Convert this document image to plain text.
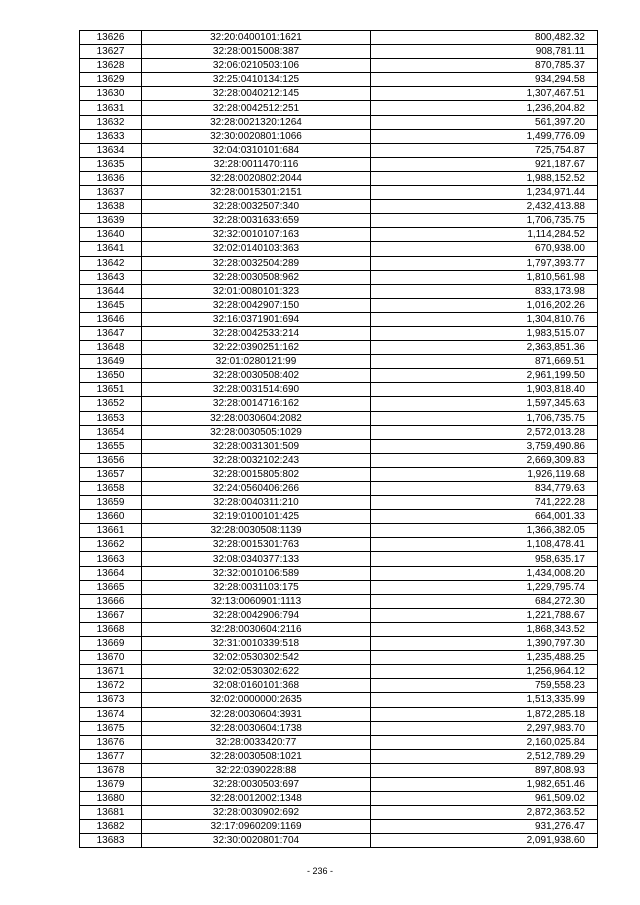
13626	32:20:0400101:1621	800,482.32
13627	32:28:0015008:387	908,781.11
13628	32:06:0210503:106	870,785.37
13629	32:25:0410134:125	934,294.58
13630	32:28:0040212:145	1,307,467.51
13631	32:28:0042512:251	1,236,204.82
13632	32:28:0021320:1264	561,397.20
13633	32:30:0020801:1066	1,499,776.09
13634	32:04:0310101:684	725,754.87
13635	32:28:0011470:116	921,187.67
13636	32:28:0020802:2044	1,988,152.52
13637	32:28:0015301:2151	1,234,971.44
13638	32:28:0032507:340	2,432,413.88
13639	32:28:0031633:659	1,706,735.75
13640	32:32:0010107:163	1,114,284.52
13641	32:02:0140103:363	670,938.00
13642	32:28:0032504:289	1,797,393.77
13643	32:28:0030508:962	1,810,561.98
13644	32:01:0080101:323	833,173.98
13645	32:28:0042907:150	1,016,202.26
13646	32:16:0371901:694	1,304,810.76
13647	32:28:0042533:214	1,983,515.07
13648	32:22:0390251:162	2,363,851.36
13649	32:01:0280121:99	871,669.51
13650	32:28:0030508:402	2,961,199.50
13651	32:28:0031514:690	1,903,818.40
13652	32:28:0014716:162	1,597,345.63
13653	32:28:0030604:2082	1,706,735.75
13654	32:28:0030505:1029	2,572,013.28
13655	32:28:0031301:509	3,759,490.86
13656	32:28:0032102:243	2,669,309.83
13657	32:28:0015805:802	1,926,119.68
13658	32:24:0560406:266	834,779.63
13659	32:28:0040311:210	741,222.28
13660	32:19:0100101:425	664,001.33
13661	32:28:0030508:1139	1,366,382.05
13662	32:28:0015301:763	1,108,478.41
13663	32:08:0340377:133	958,635.17
13664	32:32:0010106:589	1,434,008.20
13665	32:28:0031103:175	1,229,795.74
13666	32:13:0060901:1113	684,272.30
13667	32:28:0042906:794	1,221,788.67
13668	32:28:0030604:2116	1,868,343.52
13669	32:31:0010339:518	1,390,797.30
13670	32:02:0530302:542	1,235,488.25
13671	32:02:0530302:622	1,256,964.12
13672	32:08:0160101:368	759,558.23
13673	32:02:0000000:2635	1,513,335.99
13674	32:28:0030604:3931	1,872,285.18
13675	32:28:0030604:1738	2,297,983.70
13676	32:28:0033420:77	2,160,025.84
13677	32:28:0030508:1021	2,512,789.29
13678	32:22:0390228:88	897,808.93
13679	32:28:0030503:697	1,982,651.46
13680	32:28:0012002:1348	961,509.02
13681	32:28:0030902:692	2,872,363.52
13682	32:17:0960209:1169	931,276.47
13683	32:30:0020801:704	2,091,938.60
- 236 -
